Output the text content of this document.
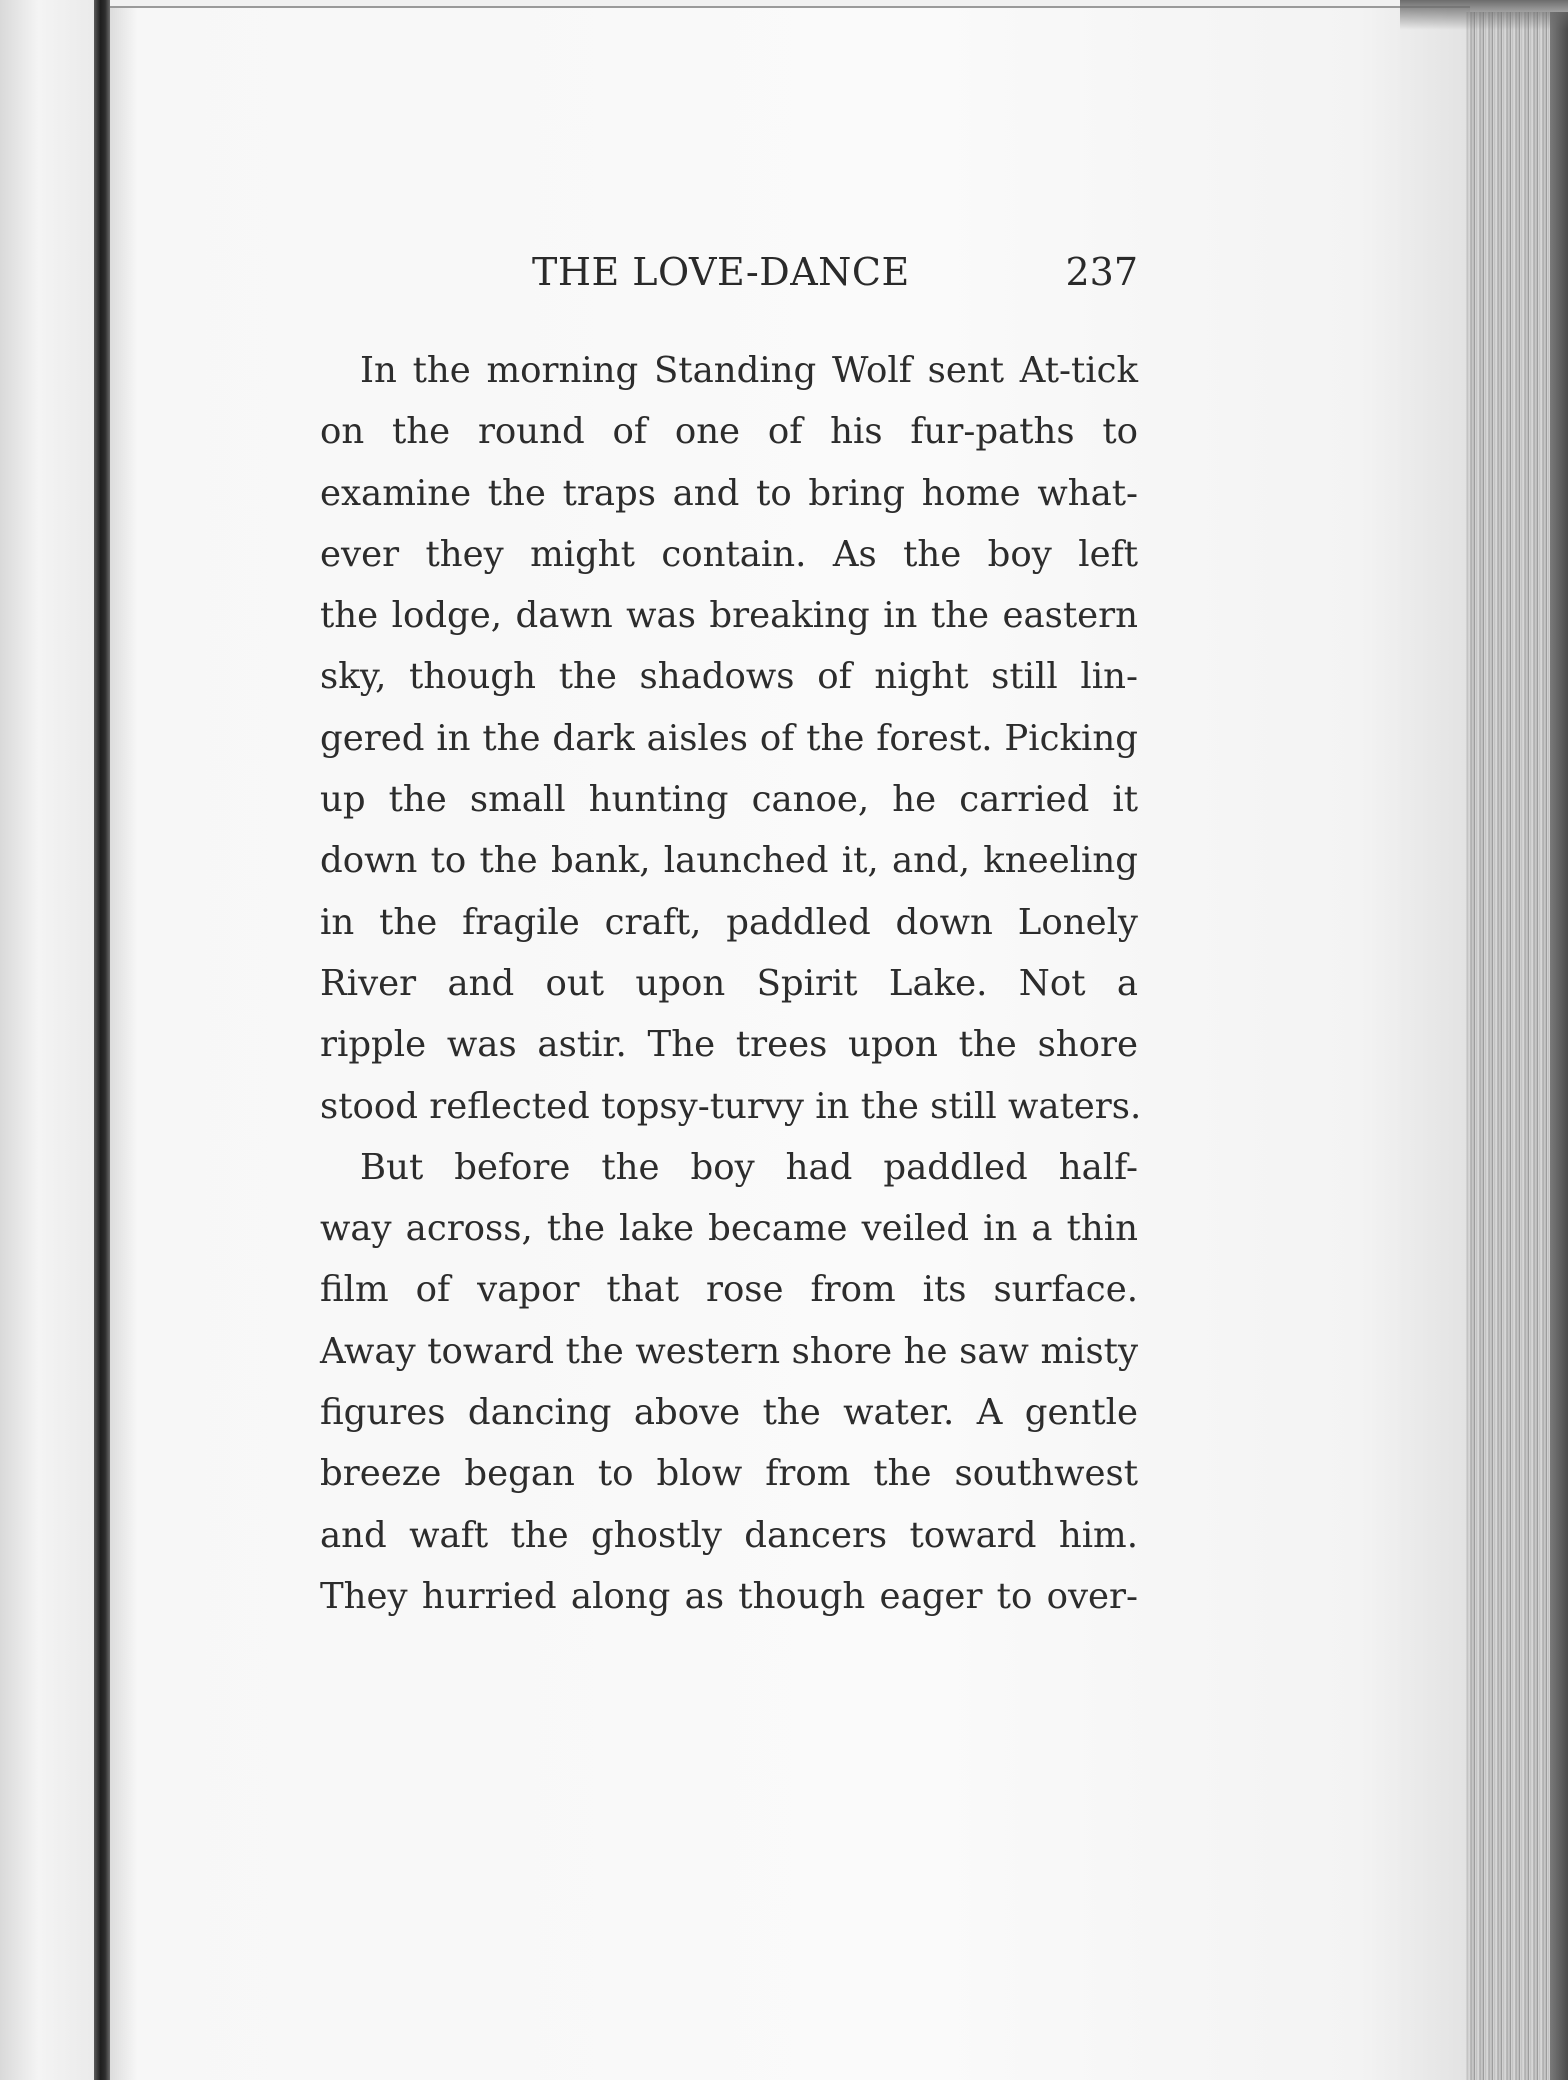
THE LOVE-DANCE	237
In the morning Standing Wolf sent At-tick
on the round of one of his fur-paths to
examine the traps and to bring home what-
ever they might contain. As the boy left
the lodge, dawn was breaking in the eastern
sky, though the shadows of night still lin-
gered in the dark aisles of the forest. Picking
up the small hunting canoe, he carried it
down to the bank, launched it, and, kneeling
in the fragile craft, paddled down Lonely
River and out upon Spirit Lake. Not a
ripple was astir. The trees upon the shore
stood reflected topsy-turvy in the still waters.
But before the boy had paddled half-
way across, the lake became veiled in a thin
film of vapor that rose from its surface.
Away toward the western shore he saw misty
figures dancing above the water. A gentle
breeze began to blow from the southwest
and waft the ghostly dancers toward him.
They hurried along as though eager to over-
